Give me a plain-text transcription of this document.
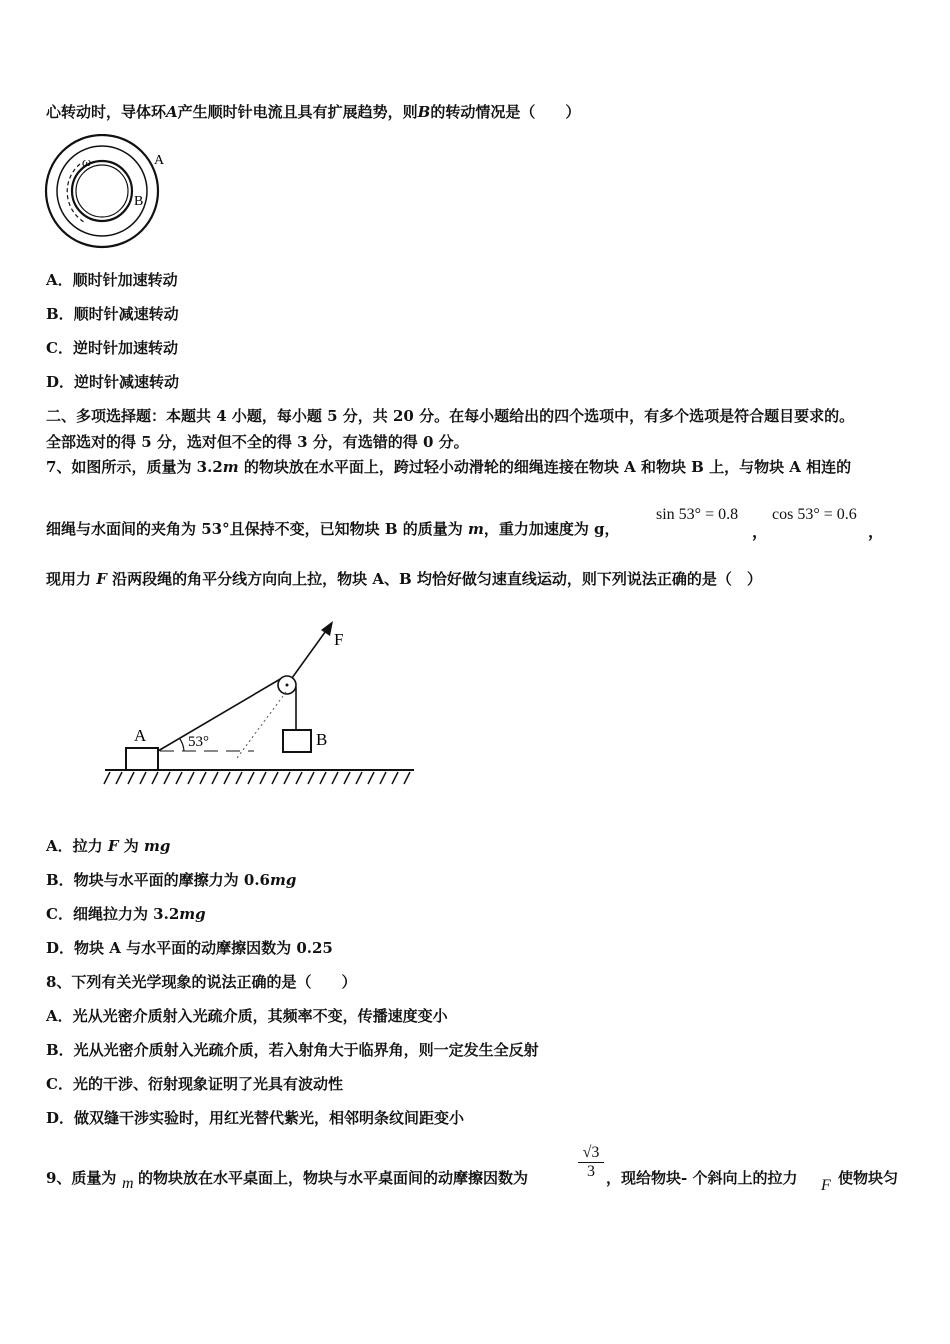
心转动时，导体环A产生顺时针电流且具有扩展趋势，则B的转动情况是（　　）
ω	A
B
A．顺时针加速转动
B．顺时针减速转动
C．逆时针加速转动
D．逆时针减速转动
二、多项选择题：本题共 4 小题，每小题 5 分，共 20 分。在每小题给出的四个选项中，有多个选项是符合题目要求的。
全部选对的得 5 分，选对但不全的得 3 分，有选错的得 0 分。
7、如图所示，质量为 3.2m 的物块放在水平面上，跨过轻小动滑轮的细绳连接在物块 A 和物块 B 上，与物块 A 相连的
细绳与水面间的夹角为 53°且保持不变，已知物块 B 的质量为 m，重力加速度为 g，
sin 53° = 0.8
，
cos 53° = 0.6
，
现用力 F 沿两段绳的角平分线方向向上拉，物块 A、B 均恰好做匀速直线运动，则下列说法正确的是（　）
A	B
F
53°
A．拉力 F 为 mg
B．物块与水平面的摩擦力为 0.6mg
C．细绳拉力为 3.2mg
D．物块 A 与水平面的动摩擦因数为 0.25
8、下列有关光学现象的说法正确的是（　　）
A．光从光密介质射入光疏介质，其频率不变，传播速度变小
B．光从光密介质射入光疏介质，若入射角大于临界角，则一定发生全反射
C．光的干涉、衍射现象证明了光具有波动性
D．做双缝干涉实验时，用红光替代紫光，相邻明条纹间距变小
9、质量为 m 的物块放在水平桌面上，物块与水平桌面间的动摩擦因数为	$\frac{√3}{3}$ ，现给物块- 个斜向上的拉力 F 使物块匀
